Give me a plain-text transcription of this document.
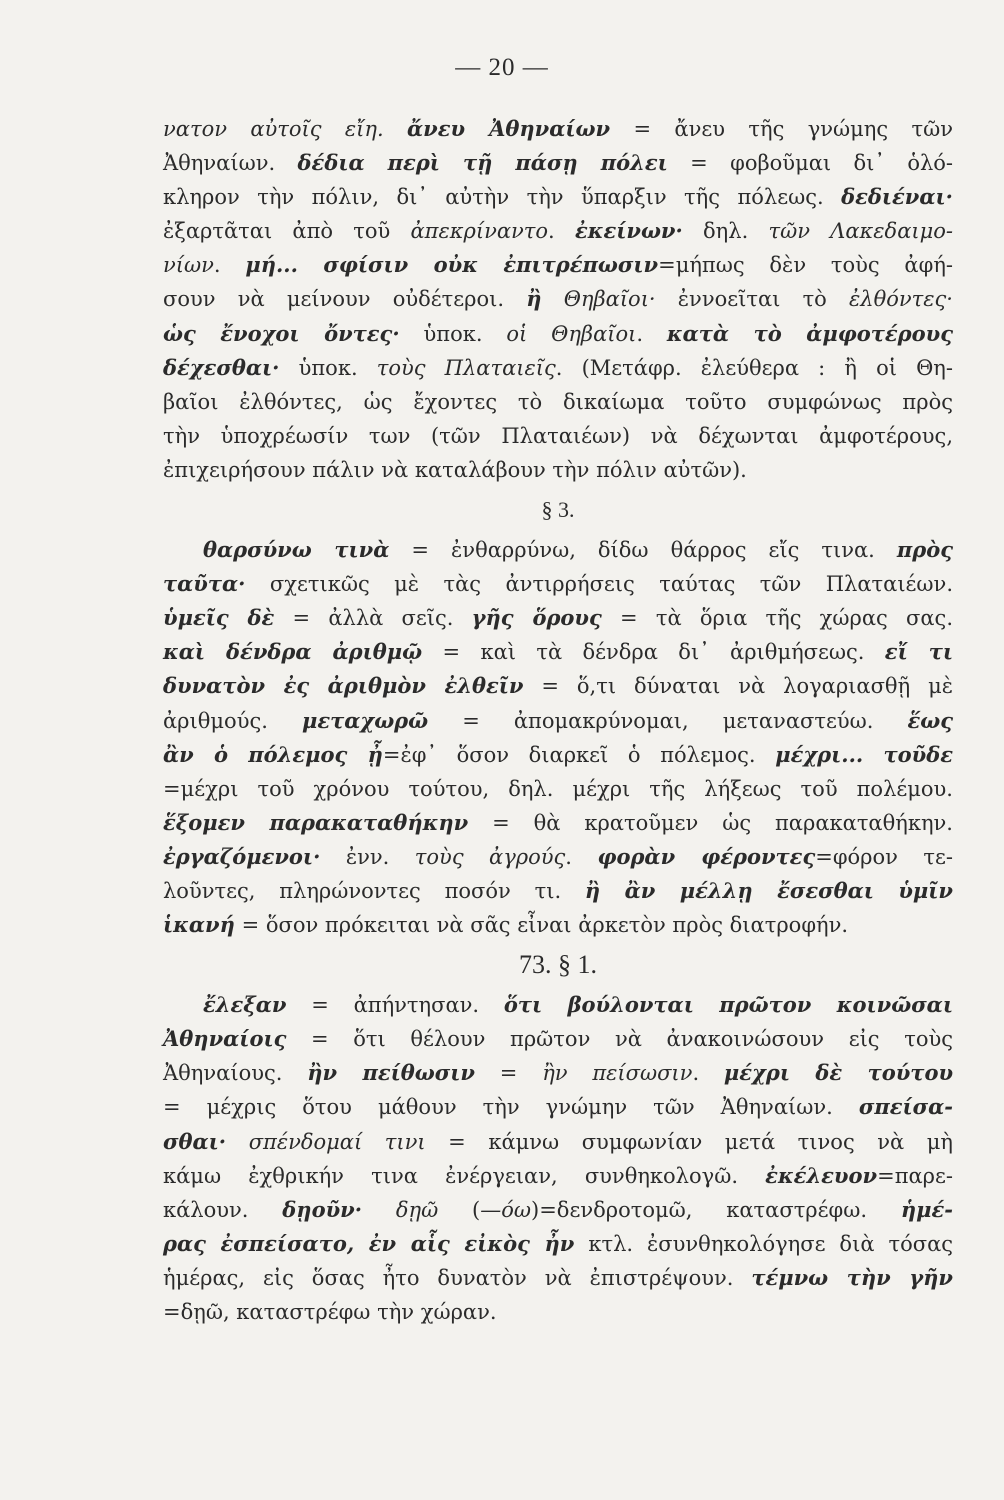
— 20 —
νατον αὐτοῖς εἴη. ἄνευ Ἀθηναίων = ἄνευ τῆς γνώμης τῶν
Ἀθηναίων. δέδια περὶ τῇ πάσῃ πόλει = φοβοῦμαι δι᾽ ὁλό-
κληρον τὴν πόλιν, δι᾽ αὐτὴν τὴν ὕπαρξιν τῆς πόλεως. δεδιέναι·
ἐξαρτᾶται ἀπὸ τοῦ ἀπεκρίναντο. ἐκείνων· δηλ. τῶν Λακεδαιμο-
νίων. μή... σφίσιν οὐκ ἐπιτρέπωσιν=μήπως δὲν τοὺς ἀφή-
σουν νὰ μείνουν οὐδέτεροι. ἢ Θηβαῖοι· ἐννοεῖται τὸ ἐλθόντες·
ὡς ἔνοχοι ὄντες· ὑποκ. οἱ Θηβαῖοι. κατὰ τὸ ἀμφοτέρους
δέχεσθαι· ὑποκ. τοὺς Πλαταιεῖς. (Μετάφρ. ἐλεύθερα : ἢ οἱ Θη-
βαῖοι ἐλθόντες, ὡς ἔχοντες τὸ δικαίωμα τοῦτο συμφώνως πρὸς
τὴν ὑποχρέωσίν των (τῶν Πλαταιέων) νὰ δέχωνται ἀμφοτέρους,
ἐπιχειρήσουν πάλιν νὰ καταλάβουν τὴν πόλιν αὐτῶν).
§ 3.
θαρσύνω τινὰ = ἐνθαρρύνω, δίδω θάρρος εἴς τινα. πρὸς
ταῦτα· σχετικῶς μὲ τὰς ἀντιρρήσεις ταύτας τῶν Πλαταιέων.
ὑμεῖς δὲ = ἀλλὰ σεῖς. γῆς ὅρους = τὰ ὅρια τῆς χώρας σας.
καὶ δένδρα ἀριθμῷ = καὶ τὰ δένδρα δι᾽ ἀριθμήσεως. εἴ τι
δυνατὸν ἐς ἀριθμὸν ἐλθεῖν = ὅ,τι δύναται νὰ λογαριασθῇ μὲ
ἀριθμούς. μεταχωρῶ = ἀπομακρύνομαι, μεταναστεύω. ἕως
ἂν ὁ πόλεμος ᾖ=ἐφ᾽ ὅσον διαρκεῖ ὁ πόλεμος. μέχρι... τοῦδε
=μέχρι τοῦ χρόνου τούτου, δηλ. μέχρι τῆς λήξεως τοῦ πολέμου.
ἕξομεν παρακαταθήκην = θὰ κρατοῦμεν ὡς παρακαταθήκην.
ἐργαζόμενοι· ἐνν. τοὺς ἀγρούς. φορὰν φέροντες=φόρον τε-
λοῦντες, πληρώνοντες ποσόν τι. ἢ ἂν μέλλῃ ἔσεσθαι ὑμῖν
ἱκανή = ὅσον πρόκειται νὰ σᾶς εἶναι ἀρκετὸν πρὸς διατροφήν.
73. § 1.
ἔλεξαν = ἀπήντησαν. ὅτι βούλονται πρῶτον κοινῶσαι
Ἀθηναίοις = ὅτι θέλουν πρῶτον νὰ ἀνακοινώσουν εἰς τοὺς
Ἀθηναίους. ἢν πείθωσιν = ἢν πείσωσιν. μέχρι δὲ τούτου
= μέχρις ὅτου μάθουν τὴν γνώμην τῶν Ἀθηναίων. σπείσα-
σθαι· σπένδομαί τινι = κάμνω συμφωνίαν μετά τινος νὰ μὴ
κάμω ἐχθρικήν τινα ἐνέργειαν, συνθηκολογῶ. ἐκέλευον=παρε-
κάλουν. δῃοῦν· δῃῶ (—όω)=δενδροτομῶ, καταστρέφω. ἡμέ-
ρας ἐσπείσατο, ἐν αἷς εἰκὸς ἦν κτλ. ἐσυνθηκολόγησε διὰ τόσας
ἡμέρας, εἰς ὅσας ἦτο δυνατὸν νὰ ἐπιστρέψουν. τέμνω τὴν γῆν
=δῃῶ, καταστρέφω τὴν χώραν.
